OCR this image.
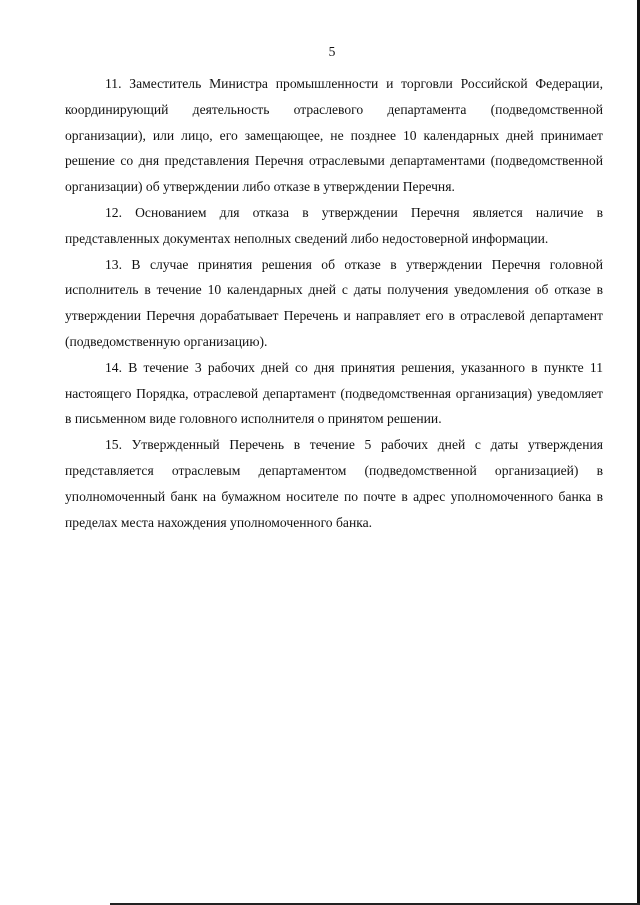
5

11. Заместитель Министра промышленности и торговли Российской Федерации, координирующий деятельность отраслевого департамента (подведомственной организации), или лицо, его замещающее, не позднее 10 календарных дней принимает решение со дня представления Перечня отраслевыми департаментами (подведомственной организации) об утверждении либо отказе в утверждении Перечня.

12. Основанием для отказа в утверждении Перечня является наличие в представленных документах неполных сведений либо недостоверной информации.

13. В случае принятия решения об отказе в утверждении Перечня головной исполнитель в течение 10 календарных дней с даты получения уведомления об отказе в утверждении Перечня дорабатывает Перечень и направляет его в отраслевой департамент (подведомственную организацию).

14. В течение 3 рабочих дней со дня принятия решения, указанного в пункте 11 настоящего Порядка, отраслевой департамент (подведомственная организация) уведомляет в письменном виде головного исполнителя о принятом решении.

15. Утвержденный Перечень в течение 5 рабочих дней с даты утверждения представляется отраслевым департаментом (подведомственной организацией) в уполномоченный банк на бумажном носителе по почте в адрес уполномоченного банка в пределах места нахождения уполномоченного банка.
